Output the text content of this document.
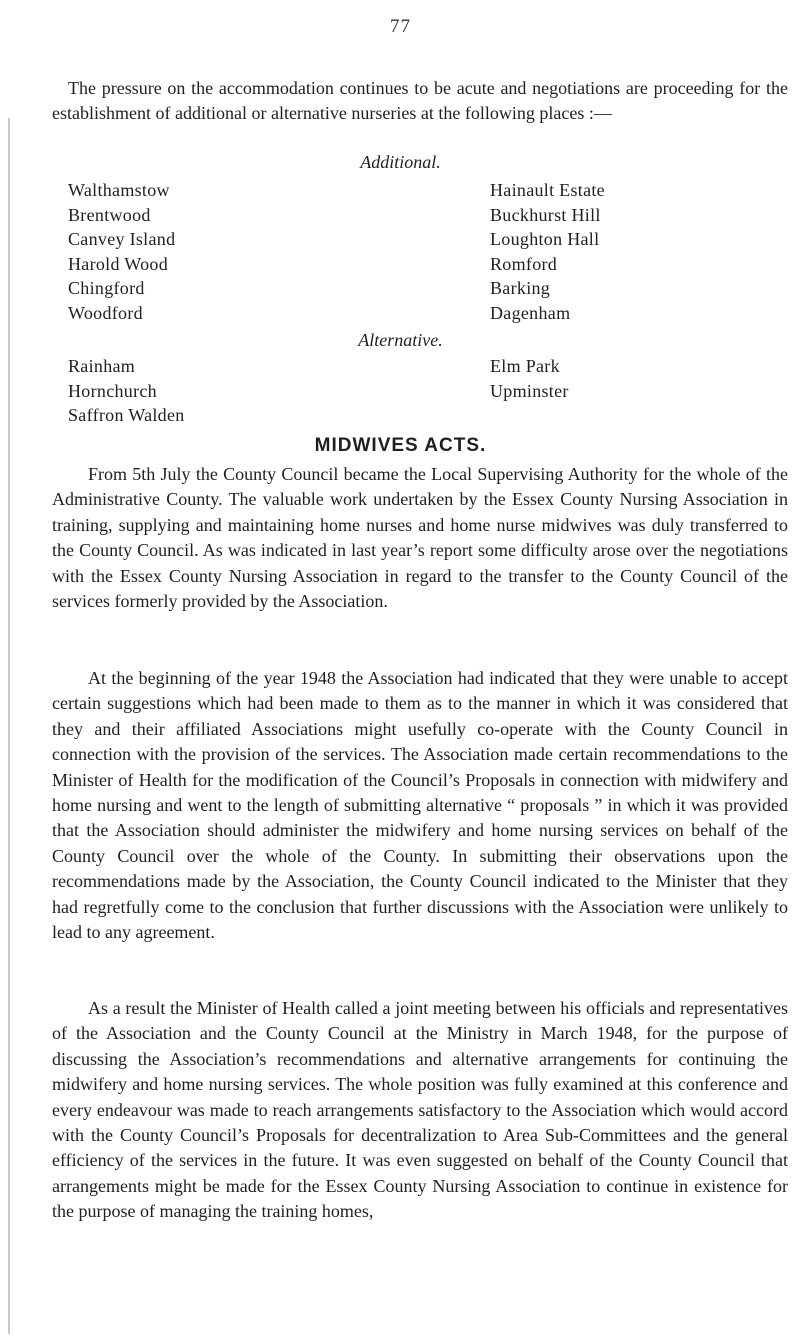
77

The pressure on the accommodation continues to be acute and negotiations are proceeding for the establishment of additional or alternative nurseries at the following places :—

Additional.
Walthamstow
Brentwood
Canvey Island
Harold Wood
Chingford
Woodford
Hainault Estate
Buckhurst Hill
Loughton Hall
Romford
Barking
Dagenham
Alternative.
Rainham
Hornchurch
Saffron Walden
Elm Park
Upminster
MIDWIVES ACTS.

From 5th July the County Council became the Local Supervising Authority for the whole of the Administrative County. The valuable work undertaken by the Essex County Nursing Association in training, supplying and maintaining home nurses and home nurse midwives was duly transferred to the County Council. As was indicated in last year’s report some difficulty arose over the negotiations with the Essex County Nursing Association in regard to the transfer to the County Council of the services formerly provided by the Association.

At the beginning of the year 1948 the Association had indicated that they were unable to accept certain suggestions which had been made to them as to the manner in which it was considered that they and their affiliated Associations might usefully co-operate with the County Council in connection with the provision of the services. The Association made certain recommendations to the Minister of Health for the modification of the Council’s Proposals in connection with midwifery and home nursing and went to the length of submitting alternative “ proposals ” in which it was provided that the Association should administer the midwifery and home nursing services on behalf of the County Council over the whole of the County. In submitting their observations upon the recommendations made by the Association, the County Council indicated to the Minister that they had regretfully come to the conclusion that further discussions with the Association were unlikely to lead to any agreement.

As a result the Minister of Health called a joint meeting between his officials and representatives of the Association and the County Council at the Ministry in March 1948, for the purpose of discussing the Association’s recommendations and alternative arrangements for continuing the midwifery and home nursing services. The whole position was fully examined at this conference and every endeavour was made to reach arrangements satisfactory to the Association which would accord with the County Council’s Proposals for decentralization to Area Sub-Committees and the general efficiency of the services in the future. It was even suggested on behalf of the County Council that arrangements might be made for the Essex County Nursing Association to continue in existence for the purpose of managing the training homes,
